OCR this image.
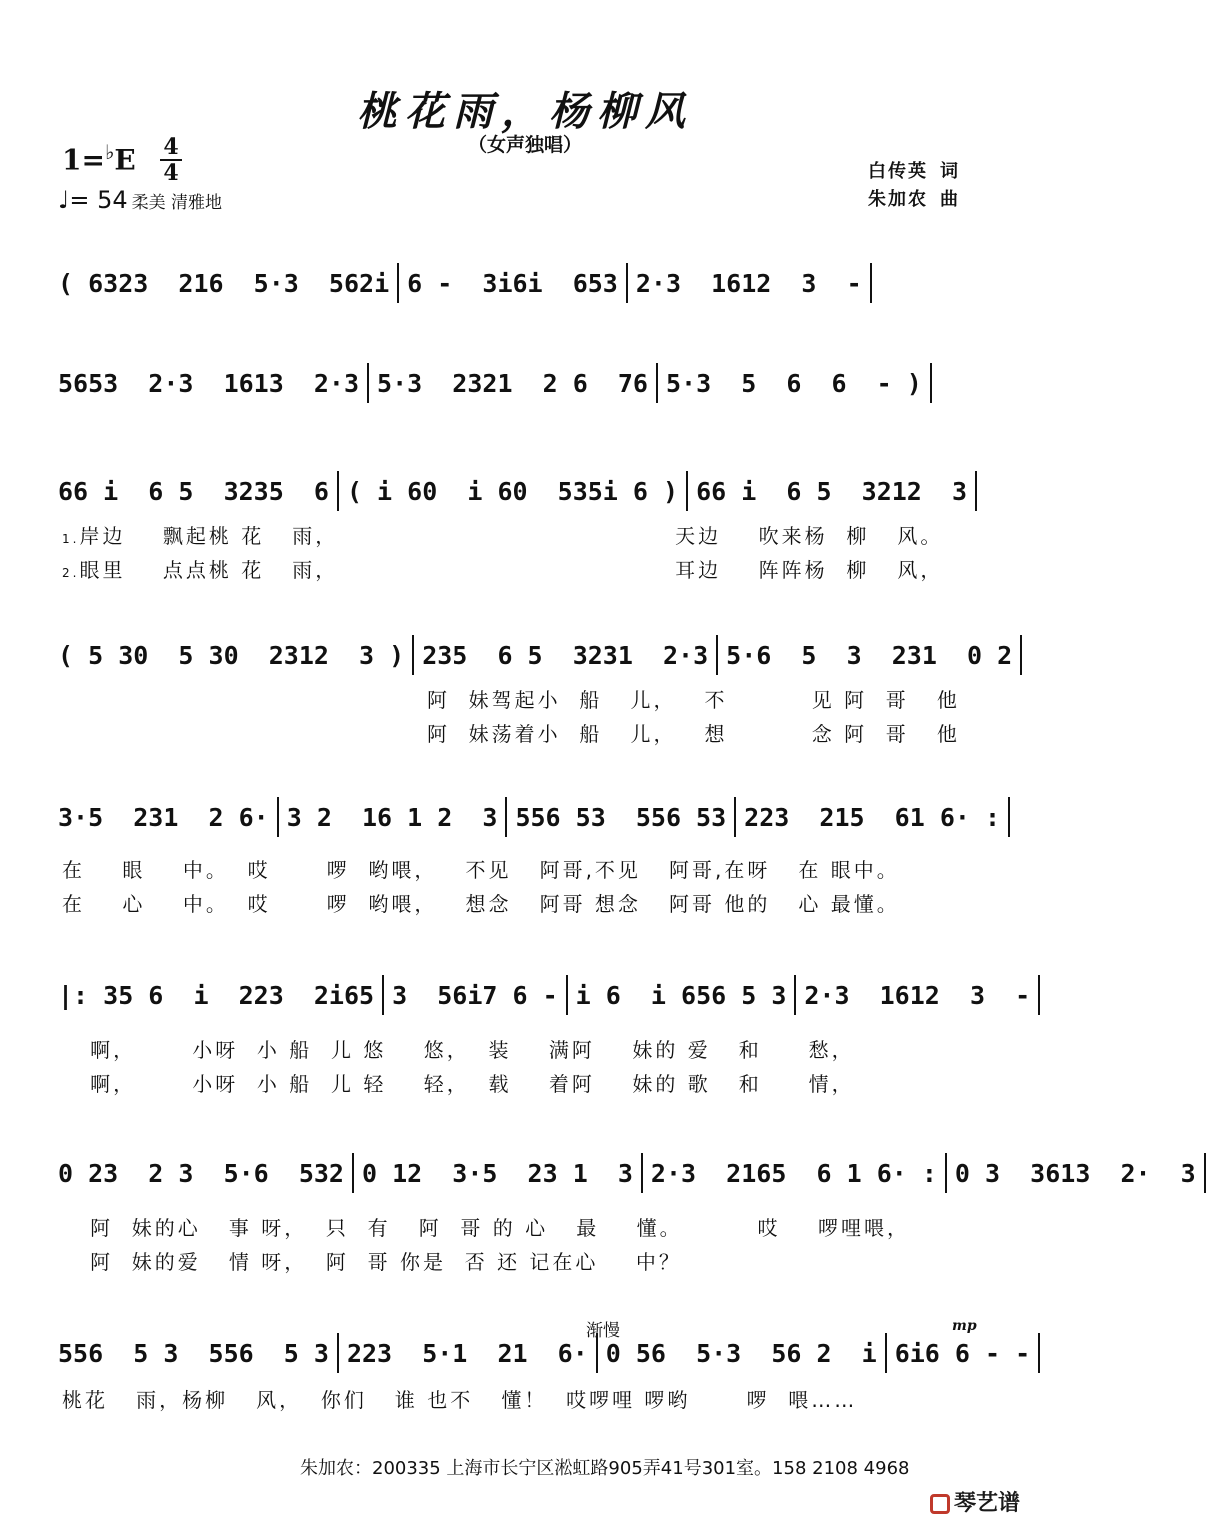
桃花雨，杨柳风
（女声独唱）
1=♭E 4
4
♩= 54 柔美 清雅地
白传英 词
朱加农 曲
( 6323  216  5·3  562i 6 -  3i6i  653 2·3  1612  3  -
5653  2·3  1613  2·3 5·3  2321  2 6  76 5·3  5  6  6  - )
66 i  6 5  3235  6 ( i 60  i 60  535i 6 ) 66 i  6 5  3212  3
1.岸边    飘起桃 花   雨，                                    天边    吹来杨  柳   风。
2.眼里    点点桃 花   雨，                                    耳边    阵阵杨  柳   风，
( 5 30  5 30  2312  3 ) 235  6 5  3231  2·3 5·6  5  3  231  0 2
阿  妹驾起小  船   儿，   不         见 阿  哥   他
阿  妹荡着小  船   儿，   想         念 阿  哥   他
3·5  231  2 6· 3 2  16 1 2  3 556 53  556 53 223  215  61 6· :
在    眼    中。  哎      啰  哟喂，   不见   阿哥,不见   阿哥,在呀   在 眼中。
在    心    中。  哎      啰  哟喂，   想念   阿哥 想念   阿哥 他的   心 最懂。
|: 35 6  i  223  2i65 3  56i7 6 - i 6  i 656 5 3 2·3  1612  3  -
啊，      小呀  小 船  儿 悠    悠，  装    满阿    妹的 爱   和     愁，
啊，      小呀  小 船  儿 轻    轻，  载    着阿    妹的 歌   和     情，
0 23  2 3  5·6  532 0 12  3·5  23 1  3 2·3  2165  6 1 6· : 0 3  3613  2·  3
阿  妹的心   事 呀，  只  有   阿  哥 的 心   最    懂。        哎    啰哩喂，
阿  妹的爱   情 呀，  阿  哥 你是  否 还 记在心    中？
渐慢	mp
556  5 3  556  5 3 223  5·1  21  6· 0 56  5·3  56 2  i 6i6 6 - -
桃花   雨，杨柳   风，  你们   谁 也不   懂！  哎啰哩 啰哟      啰  喂……
朱加农：200335 上海市长宁区淞虹路905弄41号301室。158 2108 4968
琴艺谱
